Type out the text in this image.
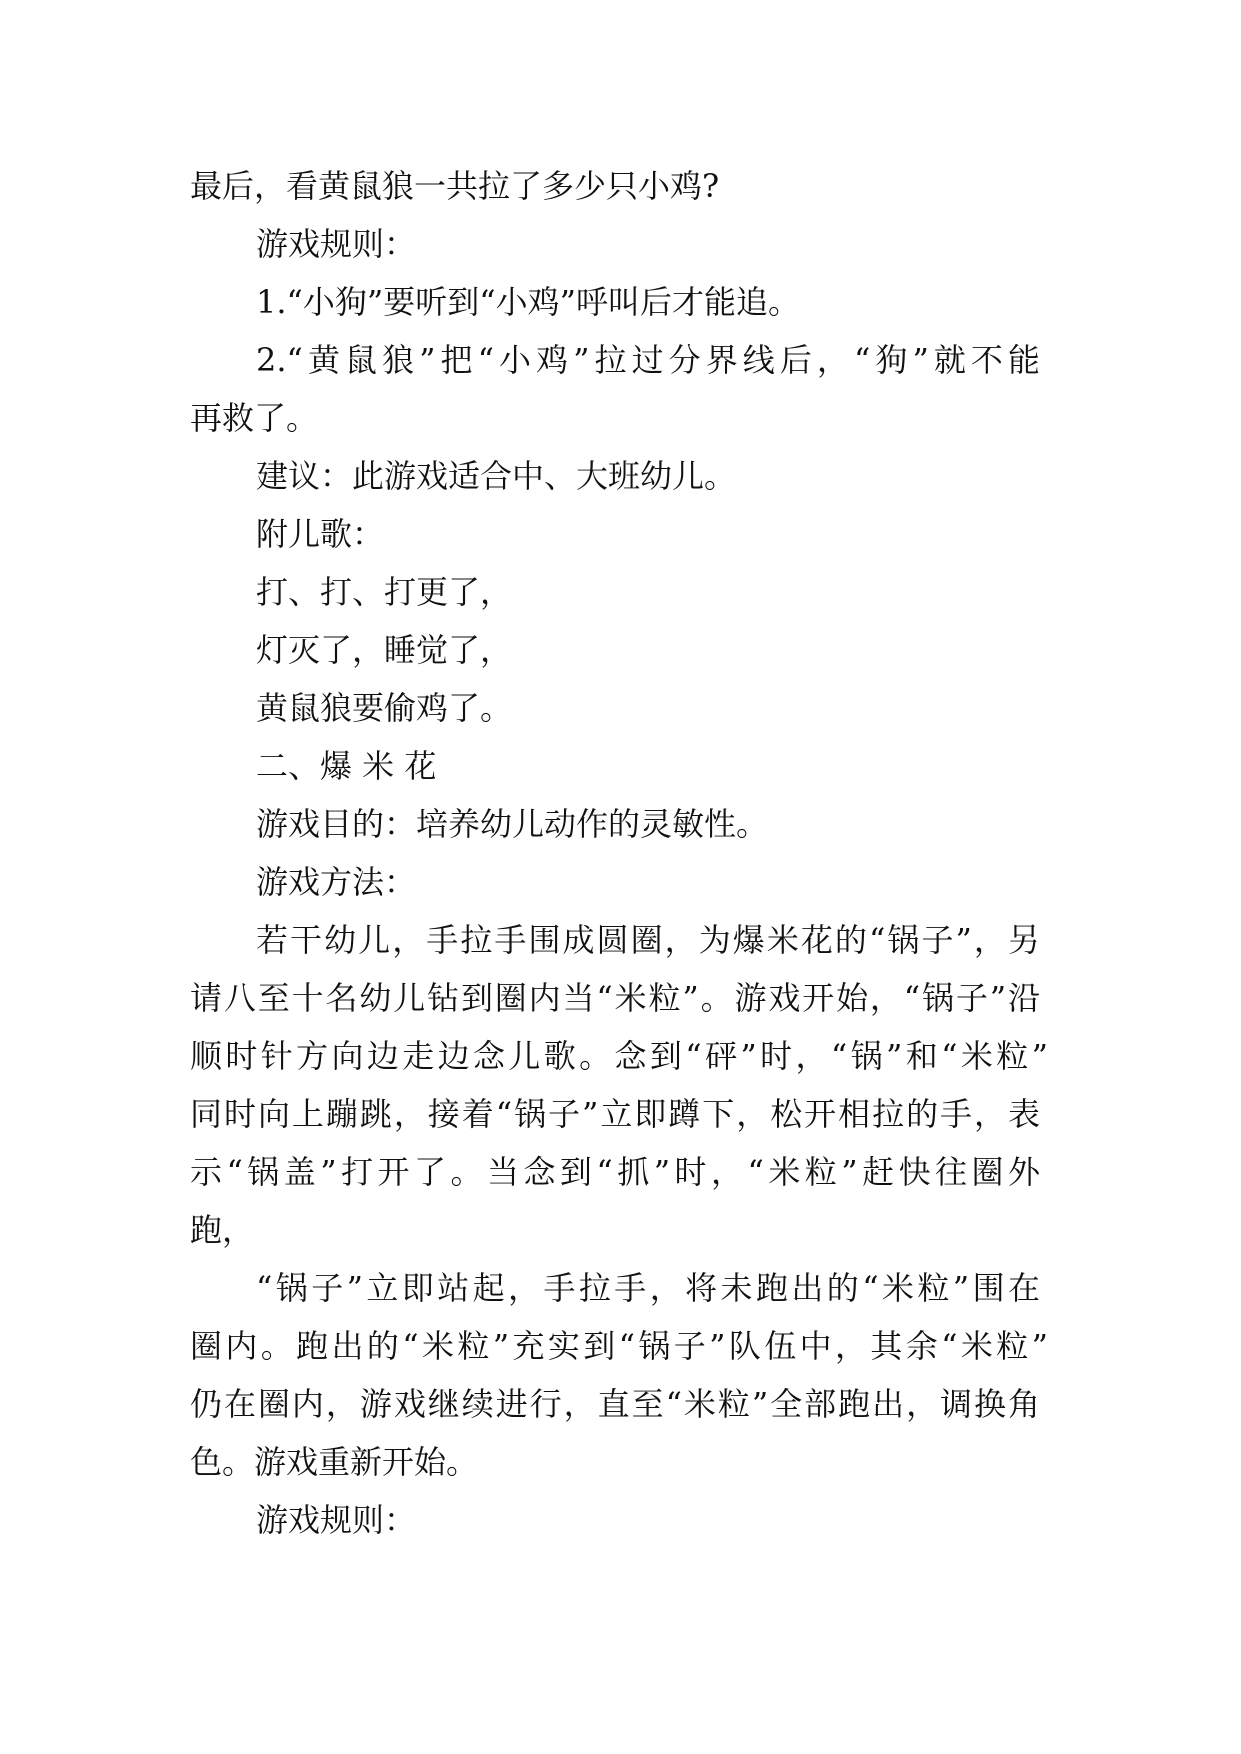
最后，看黄鼠狼一共拉了多少只小鸡?

游戏规则：

1.“小狗”要听到“小鸡”呼叫后才能追。

2.“黄鼠狼”把“小鸡”拉过分界线后，“狗”就不能

再救了。

建议：此游戏适合中、大班幼儿。

附儿歌：

打、打、打更了，

灯灭了，睡觉了，

黄鼠狼要偷鸡了。

二、爆 米 花

游戏目的：培养幼儿动作的灵敏性。

游戏方法：

若干幼儿，手拉手围成圆圈，为爆米花的“锅子”，另

请八至十名幼儿钻到圈内当“米粒”。游戏开始，“锅子”沿

顺时针方向边走边念儿歌。念到“砰”时，“锅”和“米粒”

同时向上蹦跳，接着“锅子”立即蹲下，松开相拉的手，表

示“锅盖”打开了。当念到“抓”时，“米粒”赶快往圈外

跑，

“锅子”立即站起，手拉手，将未跑出的“米粒”围在

圈内。跑出的“米粒”充实到“锅子”队伍中，其余“米粒”

仍在圈内，游戏继续进行，直至“米粒”全部跑出，调换角

色。游戏重新开始。

游戏规则：
